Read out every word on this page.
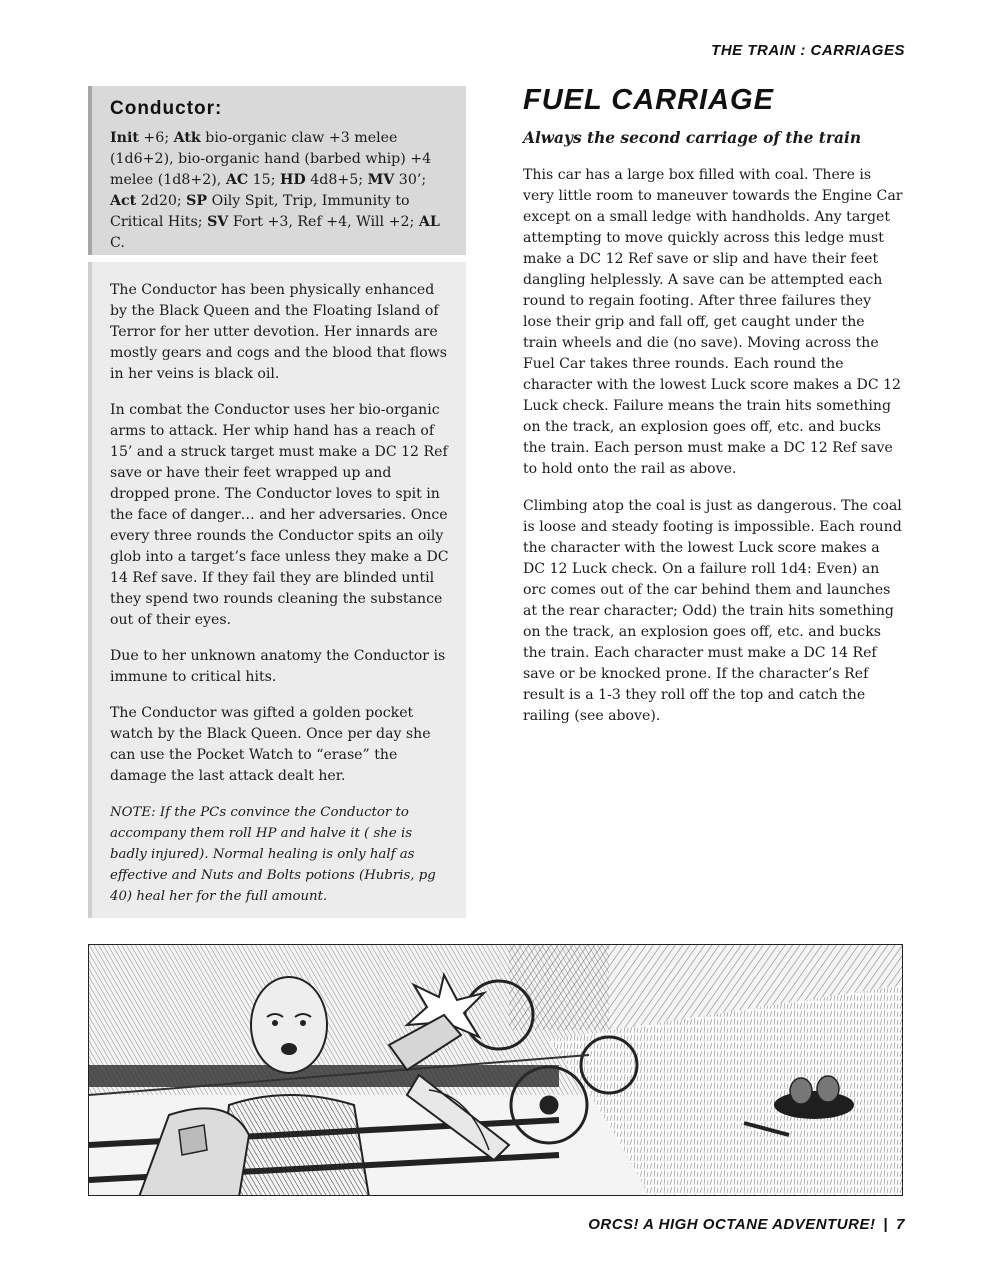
THE TRAIN : CARRIAGES
Conductor:
Init +6; Atk bio-organic claw +3 melee (1d6+2), bio-organic hand (barbed whip) +4 melee (1d8+2), AC 15; HD 4d8+5; MV 30’; Act 2d20; SP Oily Spit, Trip, Immunity to Critical Hits; SV Fort +3, Ref +4, Will +2; AL C.

The Conductor has been physically enhanced by the Black Queen and the Floating Island of Terror for her utter devotion. Her innards are mostly gears and cogs and the blood that flows in her veins is black oil.

In combat the Conductor uses her bio-organic arms to attack. Her whip hand has a reach of 15’ and a struck target must make a DC 12 Ref save or have their feet wrapped up and dropped prone. The Conductor loves to spit in the face of danger… and her adversaries. Once every three rounds the Conductor spits an oily glob into a target’s face unless they make a DC 14 Ref save. If they fail they are blinded until they spend two rounds cleaning the substance out of their eyes.

Due to her unknown anatomy the Conductor is immune to critical hits.

The Conductor was gifted a golden pocket watch by the Black Queen. Once per day she can use the Pocket Watch to “erase” the damage the last attack dealt her.

NOTE: If the PCs convince the Conductor to accompany them roll HP and halve it ( she is badly injured). Normal healing is only half as effective and Nuts and Bolts potions (Hubris, pg 40) heal her for the full amount.

FUEL CARRIAGE
Always the second carriage of the train

This car has a large box filled with coal. There is very little room to maneuver towards the Engine Car except on a small ledge with handholds. Any target attempting to move quickly across this ledge must make a DC 12 Ref save or slip and have their feet dangling helplessly. A save can be attempted each round to regain footing. After three failures they lose their grip and fall off, get caught under the train wheels and die (no save). Moving across the Fuel Car takes three rounds. Each round the character with the lowest Luck score makes a DC 12 Luck check. Failure means the train hits something on the track, an explosion goes off, etc. and bucks the train. Each person must make a DC 12 Ref save to hold onto the rail as above.

Climbing atop the coal is just as dangerous. The coal is loose and steady footing is impossible. Each round the character with the lowest Luck score makes a DC 12 Luck check. On a failure roll 1d4: Even) an orc comes out of the car behind them and launches at the rear character; Odd) the train hits something on the track, an explosion goes off, etc. and bucks the train. Each character must make a DC 14 Ref save or be knocked prone. If the character’s Ref result is a 1-3 they roll off the top and catch the railing (see above).

ORCS! A HIGH OCTANE ADVENTURE! | 7
